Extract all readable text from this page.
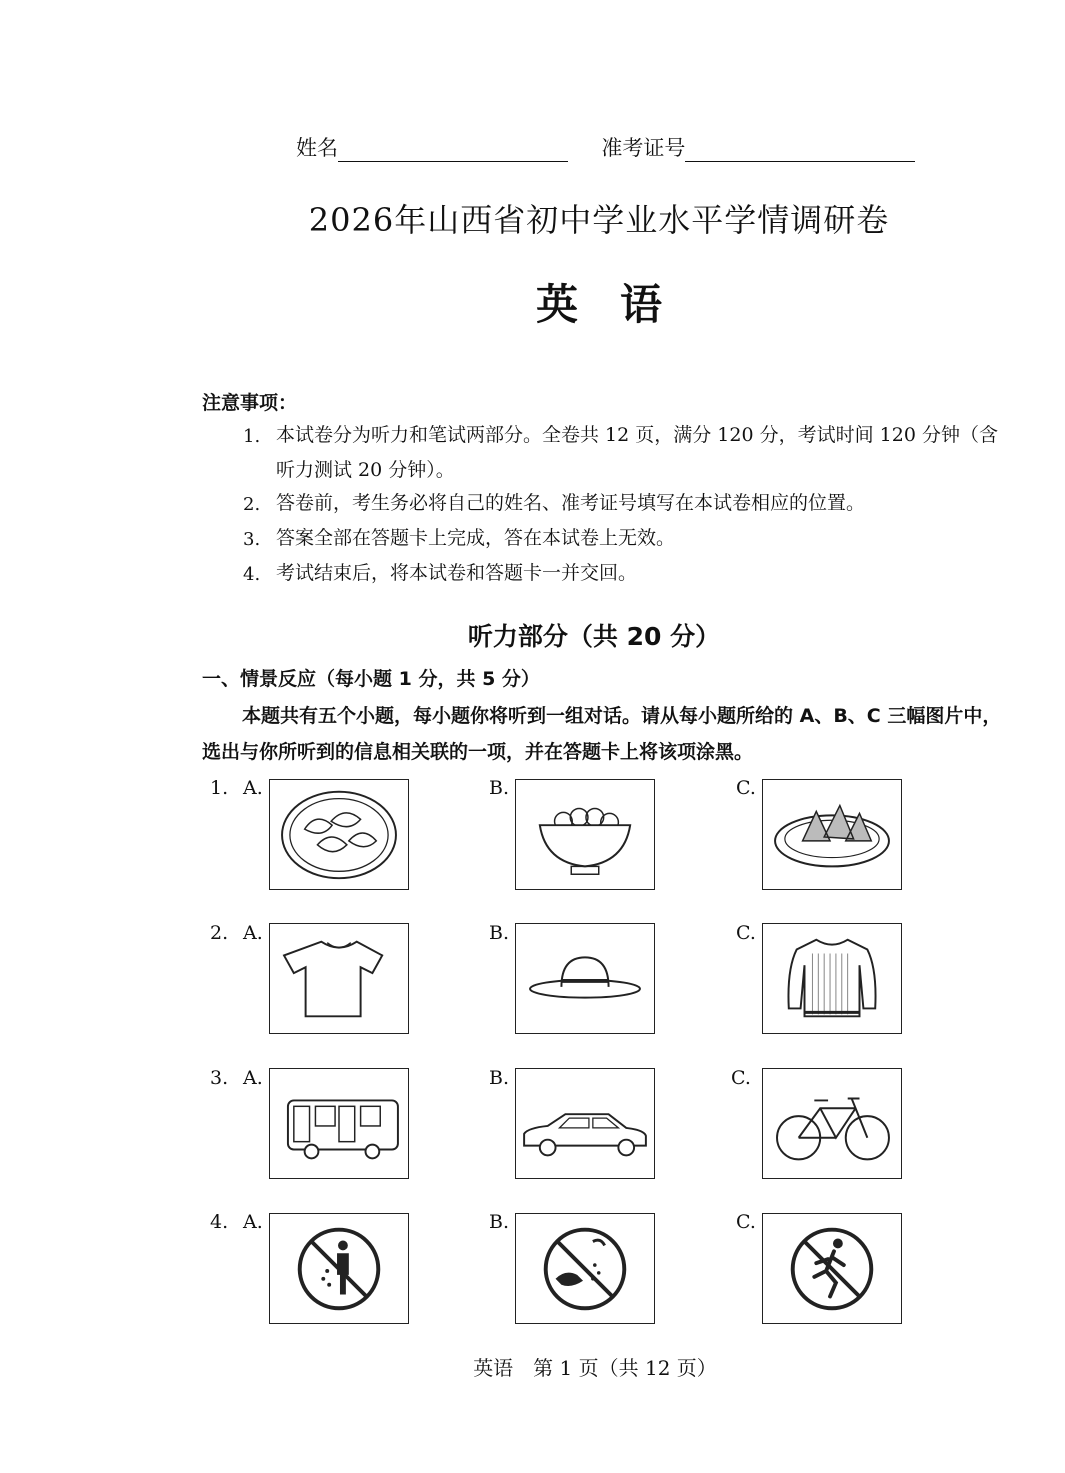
姓名	准考证号
2026年山西省初中学业水平学情调研卷
英　语
注意事项：
1. 本试卷分为听力和笔试两部分。全卷共 12 页，满分 120 分，考试时间 120 分钟（含听力测试 20 分钟）。
2. 答卷前，考生务必将自己的姓名、准考证号填写在本试卷相应的位置。
3. 答案全部在答题卡上完成，答在本试卷上无效。
4. 考试结束后，将本试卷和答题卡一并交回。
听力部分（共 20 分）
一、情景反应（每小题 1 分，共 5 分）
本题共有五个小题，每小题你将听到一组对话。请从每小题所给的 A、B、C 三幅图片中，选出与你所听到的信息相关联的一项，并在答题卡上将该项涂黑。
1. A.	B.	C.
2. A.	B.	C.
3. A.	B.	C.
4. A.	B.	C.
英语　第 1 页（共 12 页）
